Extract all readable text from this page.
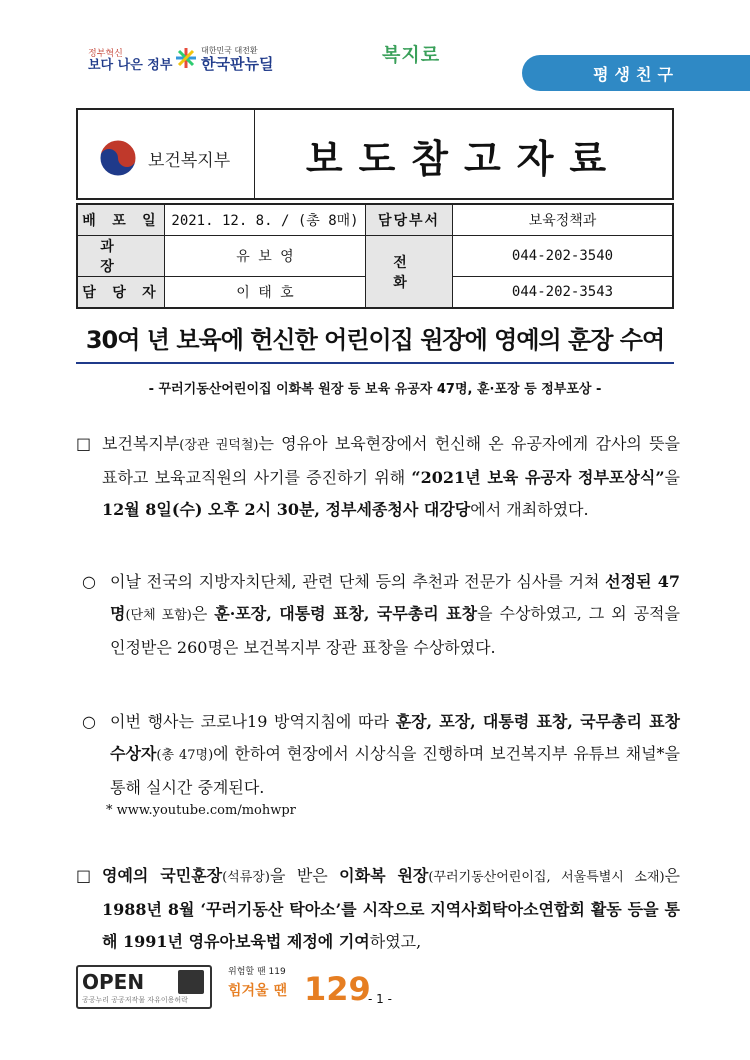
정부혁신
보다 나은 정부
대한민국 대전환
한국판뉴딜	복지로
평생친구
보건복지부	보도참고자료
배 포 일	2021. 12. 8. / (총 8매)	담당부서	보육정책과
과 장	유 보 영	전 화	044-202-3540
담 당 자	이 태 호		044-202-3543
30여 년 보육에 헌신한 어린이집 원장에 영예의 훈장 수여
- 꾸러기동산어린이집 이화복 원장 등 보육 유공자 47명, 훈·포장 등 정부포상 -
□ 보건복지부(장관 권덕철)는 영유아 보육현장에서 헌신해 온 유공자에게 감사의 뜻을 표하고 보육교직원의 사기를 증진하기 위해 “2021년 보육 유공자 정부포상식”을 12월 8일(수) 오후 2시 30분, 정부세종청사 대강당에서 개최하였다.
○ 이날 전국의 지방자치단체, 관련 단체 등의 추천과 전문가 심사를 거쳐 선정된 47명(단체 포함)은 훈·포장, 대통령 표창, 국무총리 표창을 수상하였고, 그 외 공적을 인정받은 260명은 보건복지부 장관 표창을 수상하였다.
○ 이번 행사는 코로나19 방역지침에 따라 훈장, 포장, 대통령 표창, 국무총리 표창 수상자(총 47명)에 한하여 현장에서 시상식을 진행하며 보건복지부 유튜브 채널*을 통해 실시간 중계된다.
* www.youtube.com/mohwpr
□ 영예의 국민훈장(석류장)을 받은 이화복 원장(꾸러기동산어린이집, 서울특별시 소재)은 1988년 8월 ‘꾸러기동산 탁아소’를 시작으로 지역사회탁아소연합회 활동 등을 통해 1991년 영유아보육법 제정에 기여하였고,
OPEN
공공누리 공공저작물 자유이용허락
위험할 땐 119
힘겨울 땐 129
- 1 -
